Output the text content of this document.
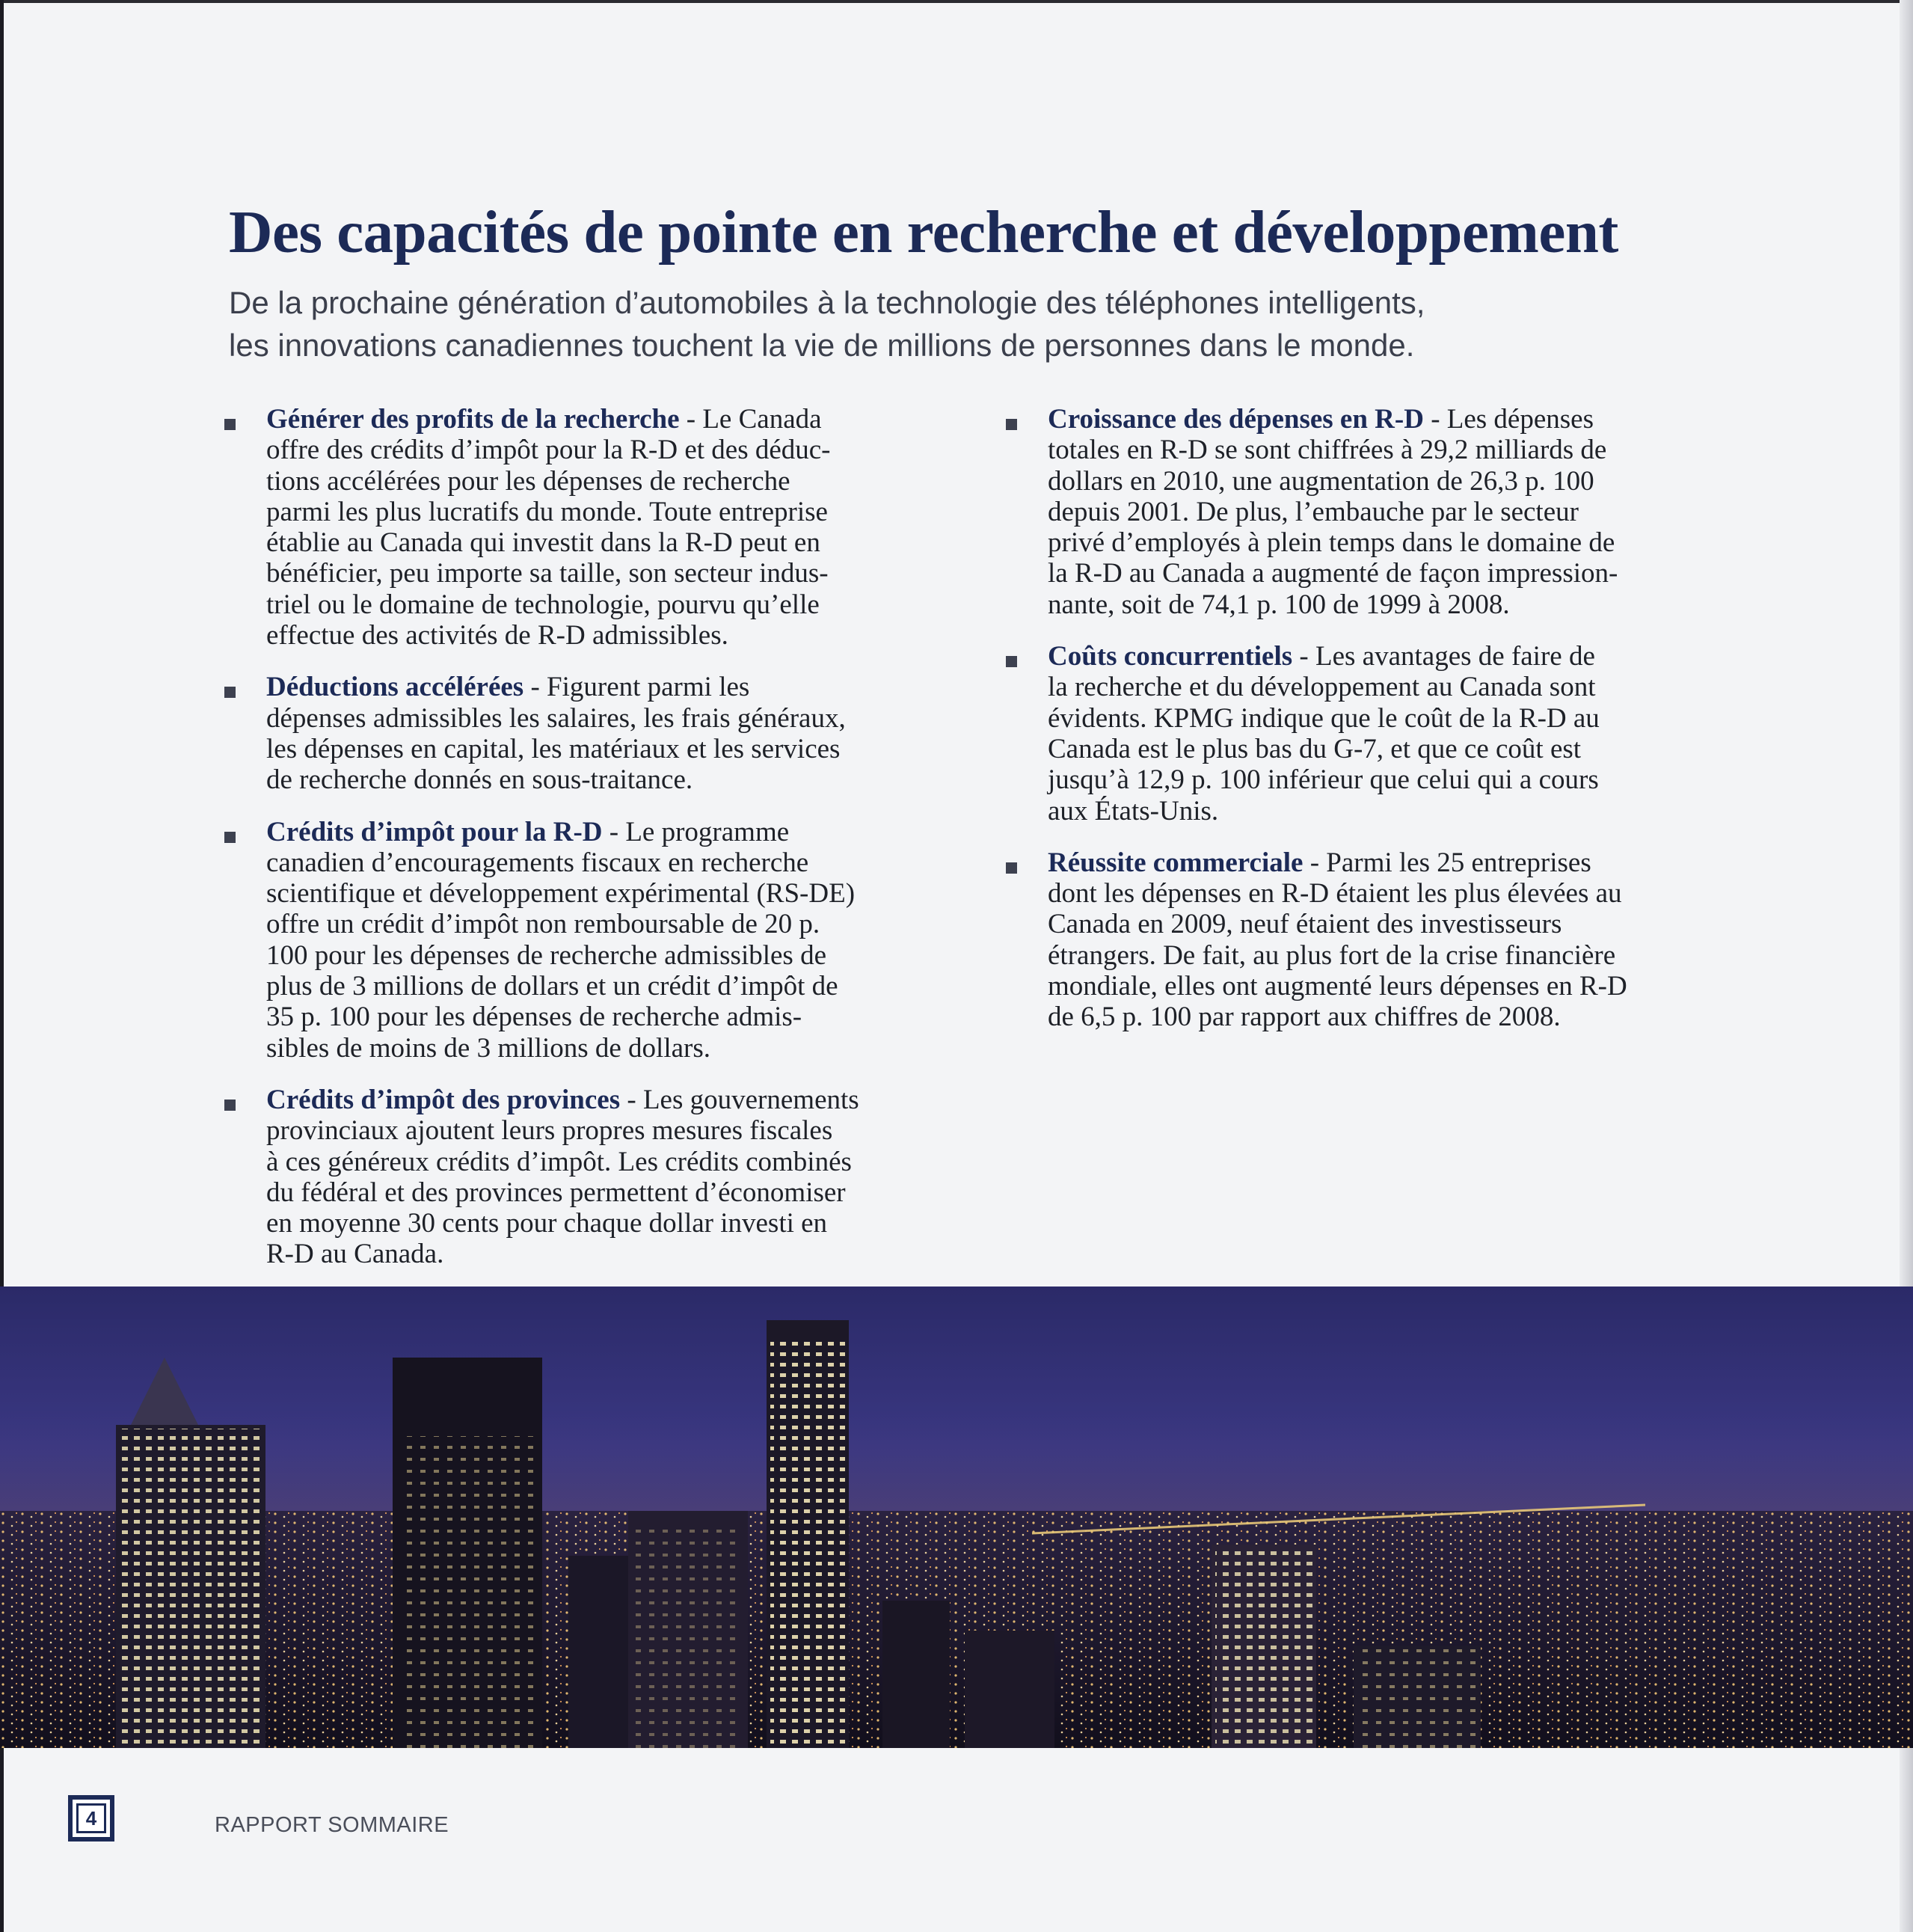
Des capacités de pointe en recherche et développement
De la prochaine génération d’automobiles à la technologie des téléphones intelligents,
les innovations canadiennes touchent la vie de millions de personnes dans le monde.
Générer des profits de la recherche - Le Canada
offre des crédits d’impôt pour la R-D et des déduc-
tions accélérées pour les dépenses de recherche
parmi les plus lucratifs du monde. Toute entreprise
établie au Canada qui investit dans la R-D peut en
bénéficier, peu importe sa taille, son secteur indus-
triel ou le domaine de technologie, pourvu qu’elle
effectue des activités de R-D admissibles.
Déductions accélérées - Figurent parmi les
dépenses admissibles les salaires, les frais généraux,
les dépenses en capital, les matériaux et les services
de recherche donnés en sous-traitance.
Crédits d’impôt pour la R-D - Le programme
canadien d’encouragements fiscaux en recherche
scientifique et développement expérimental (RS-DE)
offre un crédit d’impôt non remboursable de 20 p.
100 pour les dépenses de recherche admissibles de
plus de 3 millions de dollars et un crédit d’impôt de
35 p. 100 pour les dépenses de recherche admis-
sibles de moins de 3 millions de dollars.
Crédits d’impôt des provinces - Les gouvernements
provinciaux ajoutent leurs propres mesures fiscales
à ces généreux crédits d’impôt. Les crédits combinés
du fédéral et des provinces permettent d’économiser
en moyenne 30 cents pour chaque dollar investi en
R-D au Canada.
Croissance des dépenses en R-D - Les dépenses
totales en R-D se sont chiffrées à 29,2 milliards de
dollars en 2010, une augmentation de 26,3 p. 100
depuis 2001. De plus, l’embauche par le secteur
privé d’employés à plein temps dans le domaine de
la R-D au Canada a augmenté de façon impression-
nante, soit de 74,1 p. 100 de 1999 à 2008.
Coûts concurrentiels - Les avantages de faire de
la recherche et du développement au Canada sont
évidents. KPMG indique que le coût de la R-D au
Canada est le plus bas du G-7, et que ce coût est
jusqu’à 12,9 p. 100 inférieur que celui qui a cours
aux États-Unis.
Réussite commerciale - Parmi les 25 entreprises
dont les dépenses en R-D étaient les plus élevées au
Canada en 2009, neuf étaient des investisseurs
étrangers. De fait, au plus fort de la crise financière
mondiale, elles ont augmenté leurs dépenses en R-D
de 6,5 p. 100 par rapport aux chiffres de 2008.
4	RAPPORT SOMMAIRE
